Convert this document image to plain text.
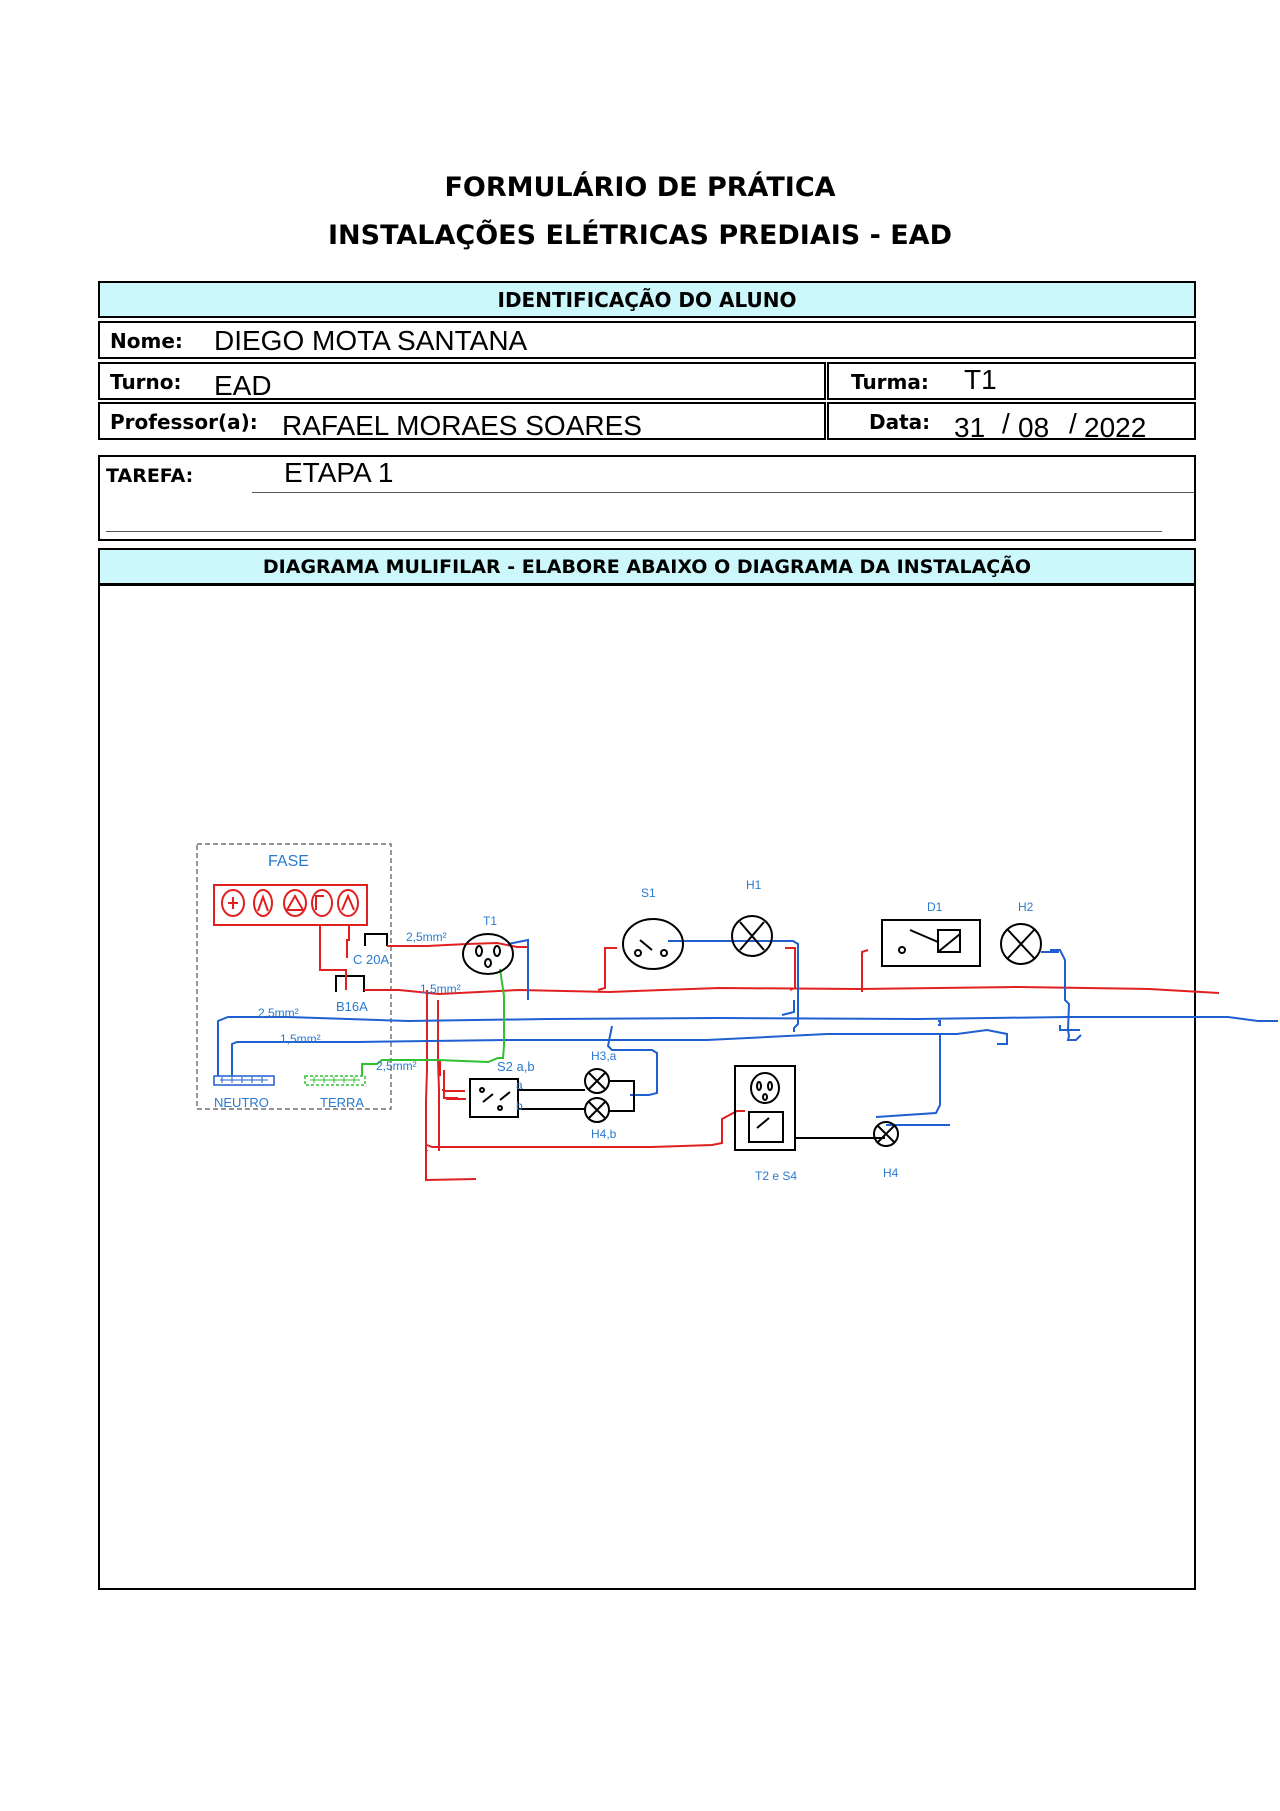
FORMULÁRIO DE PRÁTICA
INSTALAÇÕES ELÉTRICAS PREDIAIS - EAD
IDENTIFICAÇÃO DO ALUNO
Nome: DIEGO MOTA SANTANA
Turno: EAD	Turma: T1
Professor(a): RAFAEL MORAES SOARES	Data: 31 / 08 / 2022
TAREFA:	ETAPA 1
DIAGRAMA MULIFILAR - ELABORE ABAIXO O DIAGRAMA DA INSTALAÇÃO
FASE
NEUTRO	TERRA
C 20A
B16A
2,5mm²
1,5mm²
2,5mm²
1,5mm²
2,5mm²
T1
S1
H1
D1	H2
S2 a,b
a
b
H3,a
H4,b
T2 e S4	H4
